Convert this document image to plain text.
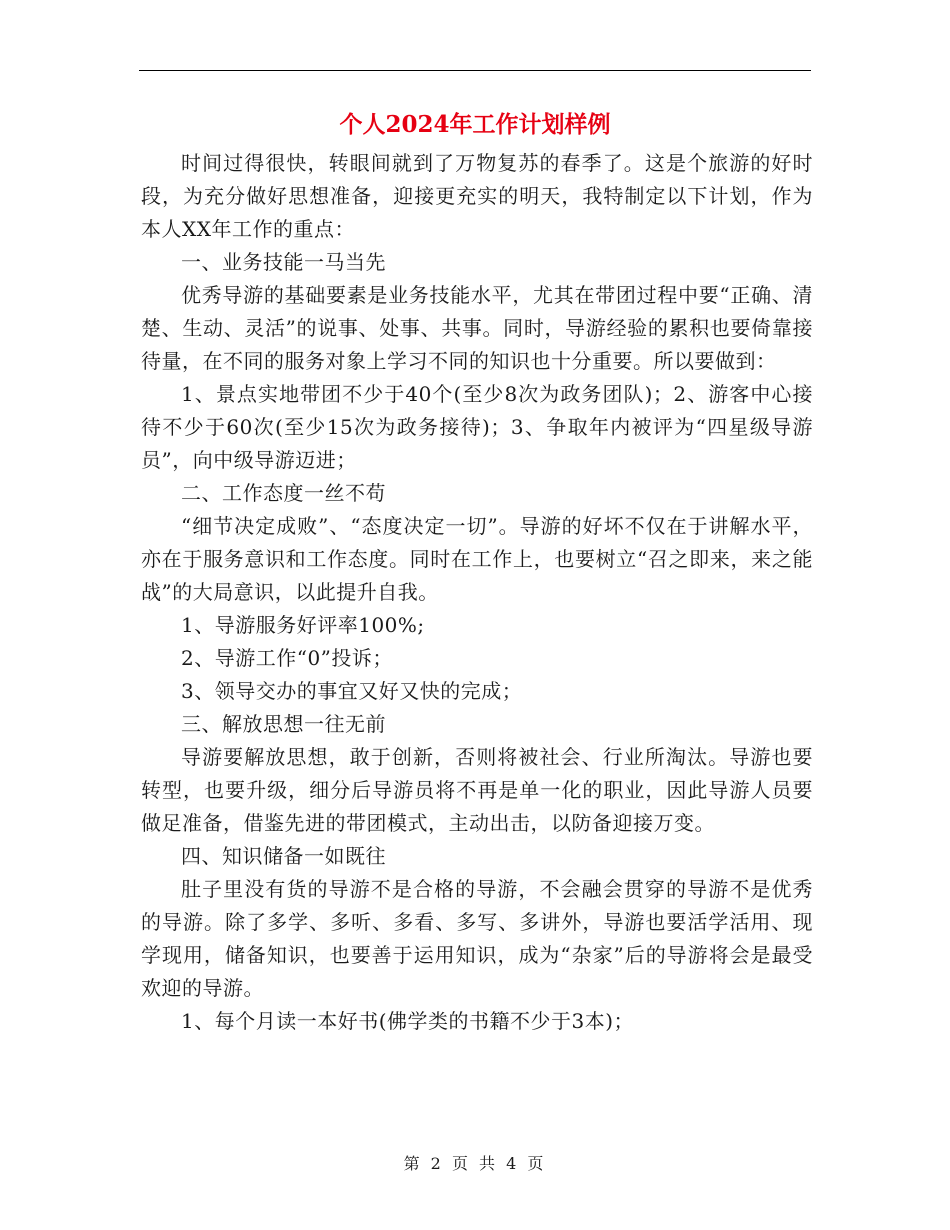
个人2024年工作计划样例

时间过得很快，转眼间就到了万物复苏的春季了。这是个旅游的好时段，为充分做好思想准备，迎接更充实的明天，我特制定以下计划，作为本人XX年工作的重点：

一、业务技能一马当先

优秀导游的基础要素是业务技能水平，尤其在带团过程中要“正确、清楚、生动、灵活”的说事、处事、共事。同时，导游经验的累积也要倚靠接待量，在不同的服务对象上学习不同的知识也十分重要。所以要做到：

1、景点实地带团不少于40个(至少8次为政务团队)；2、游客中心接待不少于60次(至少15次为政务接待)；3、争取年内被评为“四星级导游员”，向中级导游迈进；

二、工作态度一丝不苟

“细节决定成败”、“态度决定一切”。导游的好坏不仅在于讲解水平，亦在于服务意识和工作态度。同时在工作上，也要树立“召之即来，来之能战”的大局意识，以此提升自我。

1、导游服务好评率100%;

2、导游工作“0”投诉；

3、领导交办的事宜又好又快的完成；

三、解放思想一往无前

导游要解放思想，敢于创新，否则将被社会、行业所淘汰。导游也要转型，也要升级，细分后导游员将不再是单一化的职业，因此导游人员要做足准备，借鉴先进的带团模式，主动出击，以防备迎接万变。

四、知识储备一如既往

肚子里没有货的导游不是合格的导游，不会融会贯穿的导游不是优秀的导游。除了多学、多听、多看、多写、多讲外，导游也要活学活用、现学现用，储备知识，也要善于运用知识，成为“杂家”后的导游将会是最受欢迎的导游。

1、每个月读一本好书(佛学类的书籍不少于3本)；

第 2 页 共 4 页
